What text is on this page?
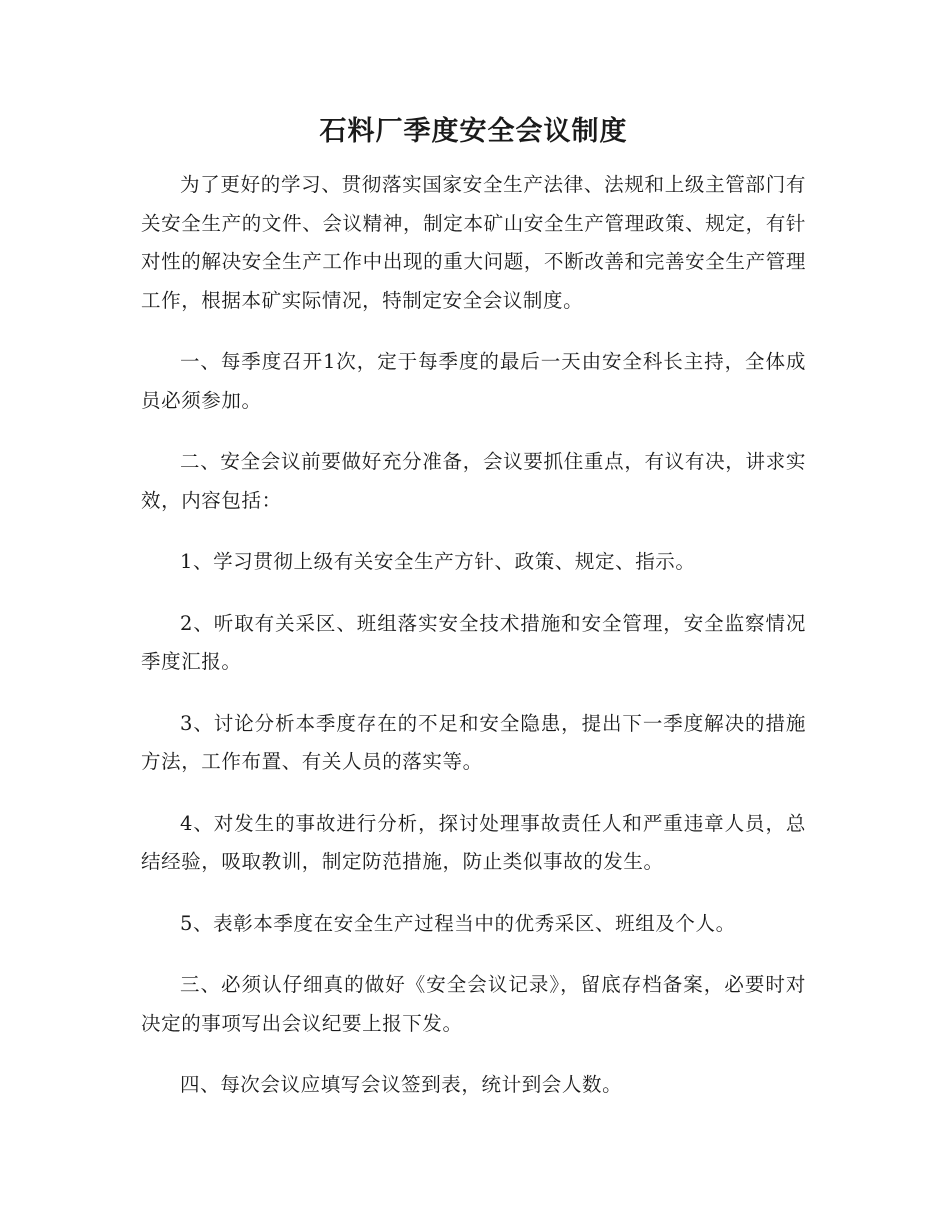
石料厂季度安全会议制度

为了更好的学习、贯彻落实国家安全生产法律、法规和上级主管部门有关安全生产的文件、会议精神，制定本矿山安全生产管理政策、规定，有针对性的解决安全生产工作中出现的重大问题，不断改善和完善安全生产管理工作，根据本矿实际情况，特制定安全会议制度。

一、每季度召开1次，定于每季度的最后一天由安全科长主持，全体成员必须参加。

二、安全会议前要做好充分准备，会议要抓住重点，有议有决，讲求实效，内容包括：

1、学习贯彻上级有关安全生产方针、政策、规定、指示。

2、听取有关采区、班组落实安全技术措施和安全管理，安全监察情况季度汇报。

3、讨论分析本季度存在的不足和安全隐患，提出下一季度解决的措施方法，工作布置、有关人员的落实等。

4、对发生的事故进行分析，探讨处理事故责任人和严重违章人员，总结经验，吸取教训，制定防范措施，防止类似事故的发生。

5、表彰本季度在安全生产过程当中的优秀采区、班组及个人。

三、必须认仔细真的做好《安全会议记录》，留底存档备案，必要时对决定的事项写出会议纪要上报下发。

四、每次会议应填写会议签到表，统计到会人数。
